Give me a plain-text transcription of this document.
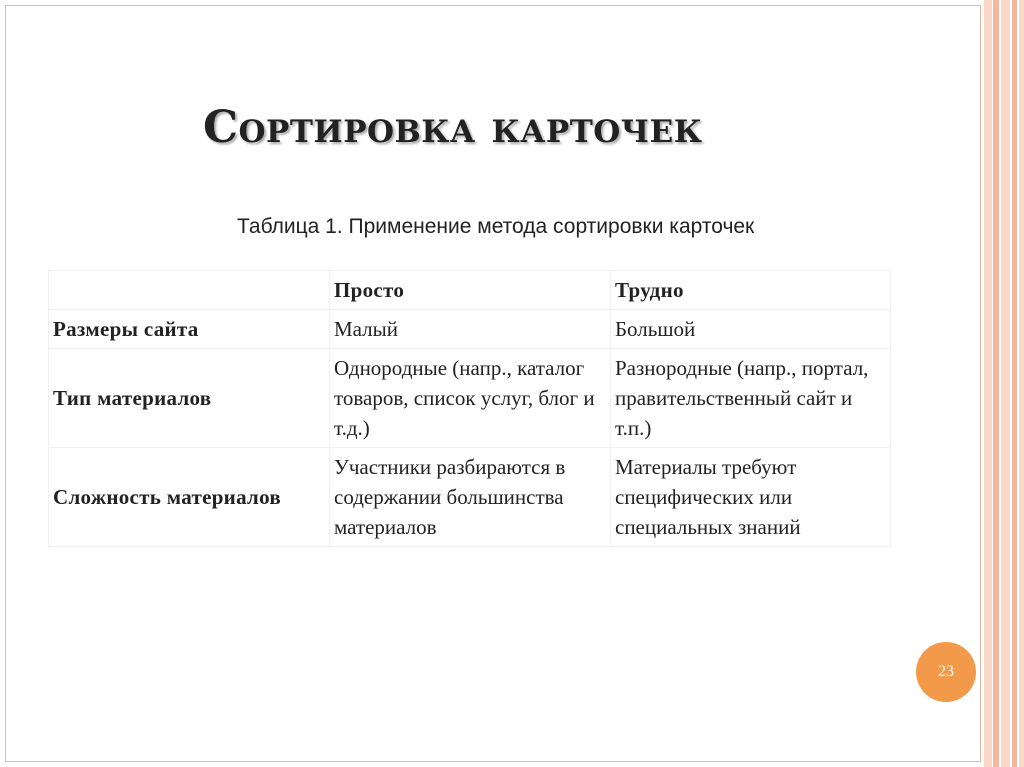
Сортировка карточек
Таблица 1. Применение метода сортировки карточек
	Просто	Трудно
Размеры сайта	Малый	Большой
Тип материалов	Однородные (напр., каталог товаров, список услуг, блог и т.д.)	Разнородные (напр., портал, правительственный сайт и т.п.)
Сложность материалов	Участники разбираются в содержании большинства материалов	Материалы требуют специфических или специальных знаний
23
